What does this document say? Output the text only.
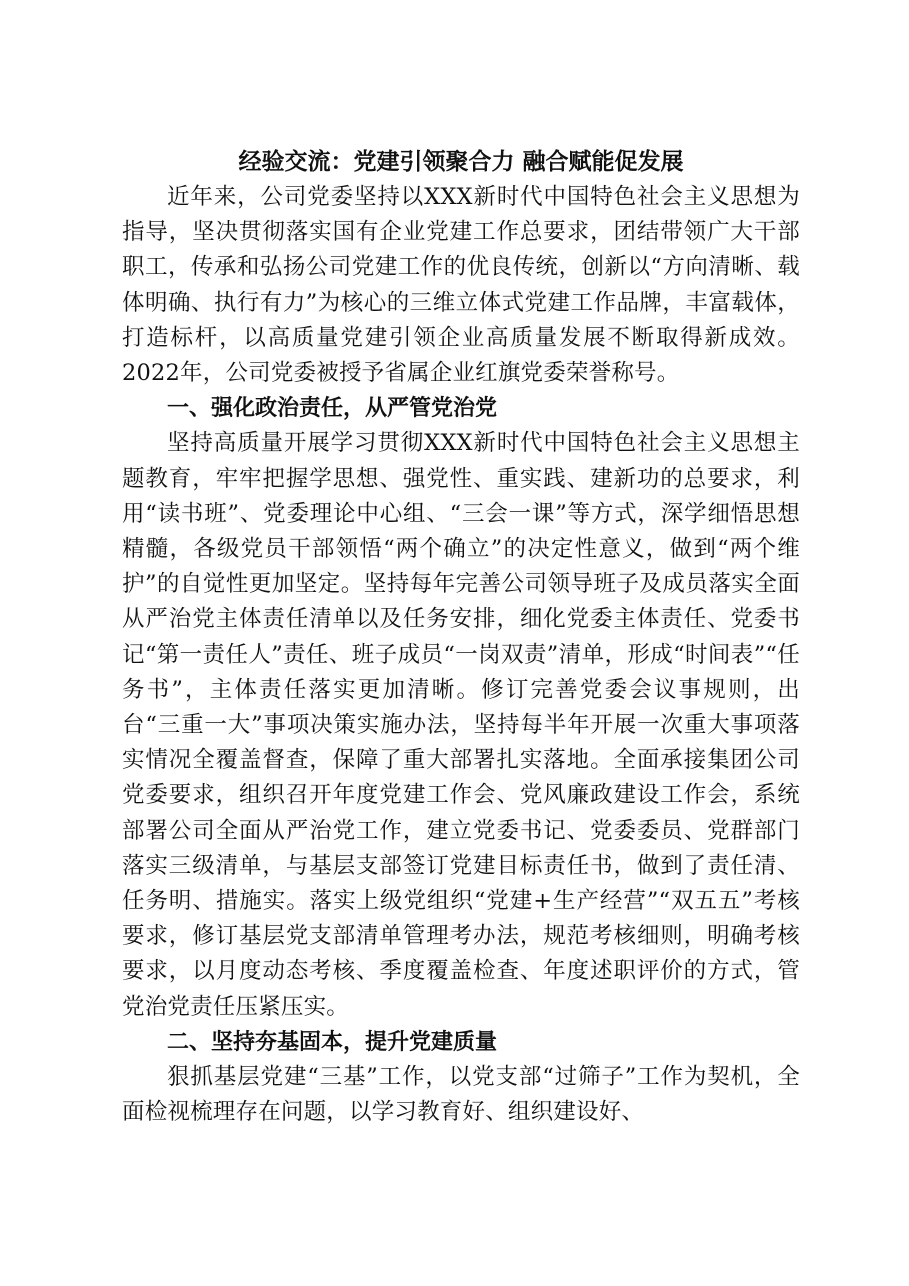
经验交流：党建引领聚合力 融合赋能促发展

近年来，公司党委坚持以XXX新时代中国特色社会主义思想为指导，坚决贯彻落实国有企业党建工作总要求，团结带领广大干部职工，传承和弘扬公司党建工作的优良传统，创新以“方向清晰、载体明确、执行有力”为核心的三维立体式党建工作品牌，丰富载体，打造标杆，以高质量党建引领企业高质量发展不断取得新成效。2022年，公司党委被授予省属企业红旗党委荣誉称号。

一、强化政治责任，从严管党治党

坚持高质量开展学习贯彻XXX新时代中国特色社会主义思想主题教育，牢牢把握学思想、强党性、重实践、建新功的总要求，利用“读书班”、党委理论中心组、“三会一课”等方式，深学细悟思想精髓，各级党员干部领悟“两个确立”的决定性意义，做到“两个维护”的自觉性更加坚定。坚持每年完善公司领导班子及成员落实全面从严治党主体责任清单以及任务安排，细化党委主体责任、党委书记“第一责任人”责任、班子成员“一岗双责”清单，形成“时间表”“任务书”，主体责任落实更加清晰。修订完善党委会议事规则，出台“三重一大”事项决策实施办法，坚持每半年开展一次重大事项落实情况全覆盖督查，保障了重大部署扎实落地。全面承接集团公司党委要求，组织召开年度党建工作会、党风廉政建设工作会，系统部署公司全面从严治党工作，建立党委书记、党委委员、党群部门落实三级清单，与基层支部签订党建目标责任书，做到了责任清、任务明、措施实。落实上级党组织“党建+生产经营”“双五五”考核要求，修订基层党支部清单管理考办法，规范考核细则，明确考核要求，以月度动态考核、季度覆盖检查、年度述职评价的方式，管党治党责任压紧压实。

二、坚持夯基固本，提升党建质量

狠抓基层党建“三基”工作，以党支部“过筛子”工作为契机，全面检视梳理存在问题，以学习教育好、组织建设好、
